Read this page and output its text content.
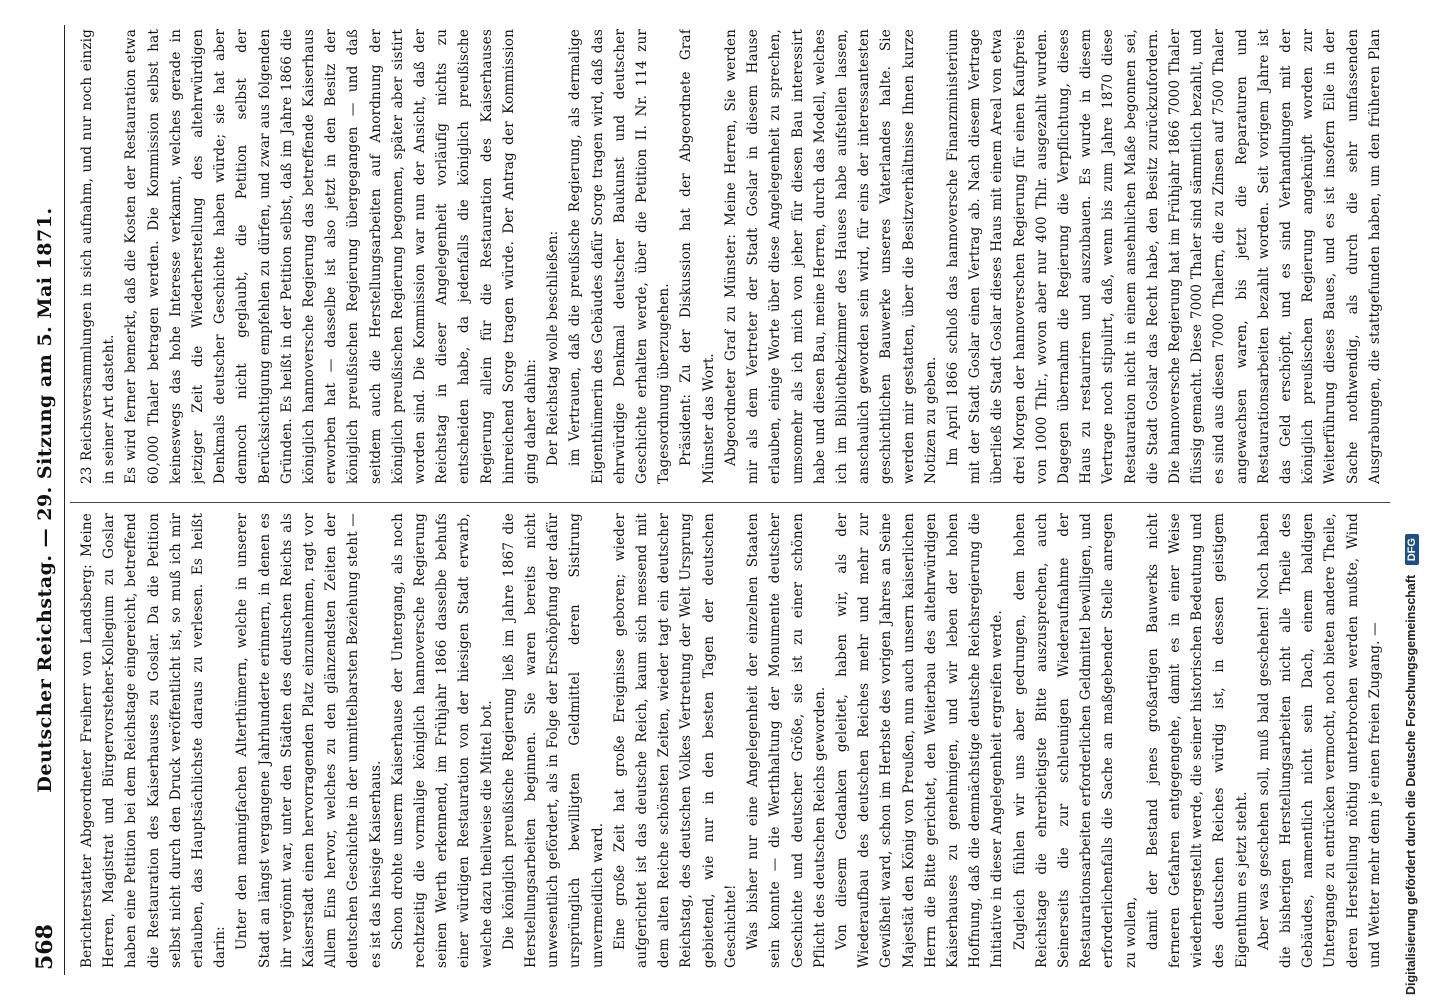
568
Deutscher Reichstag. — 29. Sitzung am 5. Mai 1871. Berichterstatter Abgeordneter Freiherr von Landsberg: Meine Herren, Magistrat und Bürgervorsteher-Kollegium zu Goslar haben eine Petition bei dem Reichstage eingereicht, betreffend die Restauration des Kaiserhauses zu Goslar. Da die Petition selbst nicht durch den Druck veröffentlicht ist, so muß ich mir erlauben, das Hauptsächlichste daraus zu verlesen. Es heißt darin: Unter den mannigfachen Alterthümern, welche in unserer Stadt an längst vergangene Jahrhunderte erinnern, in denen es ihr vergönnt war, unter den Städten des deutschen Reichs als Kaiserstadt einen hervorragenden Platz einzunehmen, ragt vor Allem Eins hervor, welches zu den glänzendsten Zeiten der deutschen Geschichte in der unmittelbarsten Beziehung steht — es ist das hiesige Kaiserhaus. Schon drohte unserm Kaiserhause der Untergang, als noch rechtzeitig die vormalige königlich hannoversche Regierung seinen Werth erkennend, im Frühjahr 1866 dasselbe behufs einer würdigen Restauration von der hiesigen Stadt erwarb, welche dazu theilweise die Mittel bot. Die königlich preußische Regierung ließ im Jahre 1867 die Herstellungsarbeiten beginnen. Sie waren bereits nicht unwesentlich gefördert, als in Folge der Erschöpfung der dafür ursprünglich bewilligten Geldmittel deren Sistirung unvermeidlich ward. Eine große Zeit hat große Ereignisse geboren; wieder aufgerichtet ist das deutsche Reich, kaum sich messend mit dem alten Reiche schönsten Zeiten, wieder tagt ein deutscher Reichstag, des deutschen Volkes Vertretung der Welt Ursprung gebietend, wie nur in den besten Tagen der deutschen Geschichte! Was bisher nur eine Angelegenheit der einzelnen Staaten sein konnte — die Werthhaltung der Monumente deutscher Geschichte und deutscher Größe, sie ist zu einer schönen Pflicht des deutschen Reichs geworden. Von diesem Gedanken geleitet, haben wir, als der Wiederaufbau des deutschen Reiches mehr und mehr zur Gewißheit ward, schon im Herbste des vorigen Jahres an Seine Majestät den König von Preußen, nun auch unsern kaiserlichen Herrn die Bitte gerichtet, den Weiterbau des altehrwürdigen Kaiserhauses zu genehmigen, und wir leben der hohen Hoffnung, daß die demnächstige deutsche Reichsregierung die Initiative in dieser Angelegenheit ergreifen werde. Zugleich fühlen wir uns aber gedrungen, dem hohen Reichstage die ehrerbietigste Bitte auszusprechen, auch Seinerseits die zur schleunigen Wiederaufnahme der Restaurationsarbeiten erforderlichen Geldmittel bewilligen, und erforderlichenfalls die Sache an maßgebender Stelle anregen zu wollen, damit der Bestand jenes großartigen Bauwerks nicht ferneren Gefahren entgegengehe, damit es in einer Weise wiederhergestellt werde, die seiner historischen Bedeutung und des deutschen Reiches würdig ist, in dessen geistigem Eigenthum es jetzt steht. Aber was geschehen soll, muß bald geschehen! Noch haben die bisherigen Herstellungsarbeiten nicht alle Theile des Gebäudes, namentlich nicht sein Dach, einem baldigen Untergange zu entrücken vermocht, noch bieten andere Theile, deren Herstellung nöthig unterbrochen werden mußte, Wind und Wetter mehr denn je einen freien Zugang. —

23 Reichsversammlungen in sich aufnahm, und nur noch einzig in seiner Art dasteht. Es wird ferner bemerkt, daß die Kosten der Restauration etwa 60,000 Thaler betragen werden. Die Kommission selbst hat keineswegs das hohe Interesse verkannt, welches gerade in jetziger Zeit die Wiederherstellung des altehrwürdigen Denkmals deutscher Geschichte haben würde; sie hat aber dennoch nicht geglaubt, die Petition selbst der Berücksichtigung empfehlen zu dürfen, und zwar aus folgenden Gründen. Es heißt in der Petition selbst, daß im Jahre 1866 die königlich hannoversche Regierung das betreffende Kaiserhaus erworben hat — dasselbe ist also jetzt in den Besitz der königlich preußischen Regierung übergegangen — und daß seitdem auch die Herstellungsarbeiten auf Anordnung der königlich preußischen Regierung begonnen, später aber sistirt worden sind. Die Kommission war nun der Ansicht, daß der Reichstag in dieser Angelegenheit vorläufig nichts zu entscheiden habe, da jedenfalls die königlich preußische Regierung allein für die Restauration des Kaiserhauses hinreichend Sorge tragen würde. Der Antrag der Kommission ging daher dahin: Der Reichstag wolle beschließen: im Vertrauen, daß die preußische Regierung, als dermalige Eigenthümerin des Gebäudes dafür Sorge tragen wird, daß das ehrwürdige Denkmal deutscher Baukunst und deutscher Geschichte erhalten werde, über die Petition II. Nr. 114 zur Tagesordnung überzugehen. Präsident: Zu der Diskussion hat der Abgeordnete Graf Münster das Wort. Abgeordneter Graf zu Münster: Meine Herren, Sie werden mir als dem Vertreter der Stadt Goslar in diesem Hause erlauben, einige Worte über diese Angelegenheit zu sprechen, umsomehr als ich mich von jeher für diesen Bau interessirt habe und diesen Bau, meine Herren, durch das Modell, welches ich im Bibliothekzimmer des Hauses habe aufstellen lassen, anschaulich geworden sein wird, für eins der interessantesten geschichtlichen Bauwerke unseres Vaterlandes halte. Sie werden mir gestatten, über die Besitzverhältnisse Ihnen kurze Notizen zu geben. Im April 1866 schloß das hannoversche Finanzministerium mit der Stadt Goslar einen Vertrag ab. Nach diesem Vertrage überließ die Stadt Goslar dieses Haus mit einem Areal von etwa drei Morgen der hannoverschen Regierung für einen Kaufpreis von 1000 Thlr., wovon aber nur 400 Thlr. ausgezahlt wurden. Dagegen übernahm die Regierung die Verpflichtung, dieses Haus zu restauriren und auszubauen. Es wurde in diesem Vertrage noch stipulirt, daß, wenn bis zum Jahre 1870 diese Restauration nicht in einem ansehnlichen Maße begonnen sei, die Stadt Goslar das Recht habe, den Besitz zurückzufordern. Die hannoversche Regierung hat im Frühjahr 1866 7000 Thaler flüssig gemacht. Diese 7000 Thaler sind sämmtlich bezahlt, und es sind aus diesen 7000 Thalern, die zu Zinsen auf 7500 Thaler angewachsen waren, bis jetzt die Reparaturen und Restaurationsarbeiten bezahlt worden. Seit vorigem Jahre ist das Geld erschöpft, und es sind Verhandlungen mit der königlich preußischen Regierung angeknüpft worden zur Weiterführung dieses Baues, und es ist insofern Eile in der Sache nothwendig, als durch die sehr umfassenden Ausgrabungen, die stattgefunden haben, um den früheren Plan

Digitalisierung gefördert durch die Deutsche Forschungsgemeinschaft DFG
